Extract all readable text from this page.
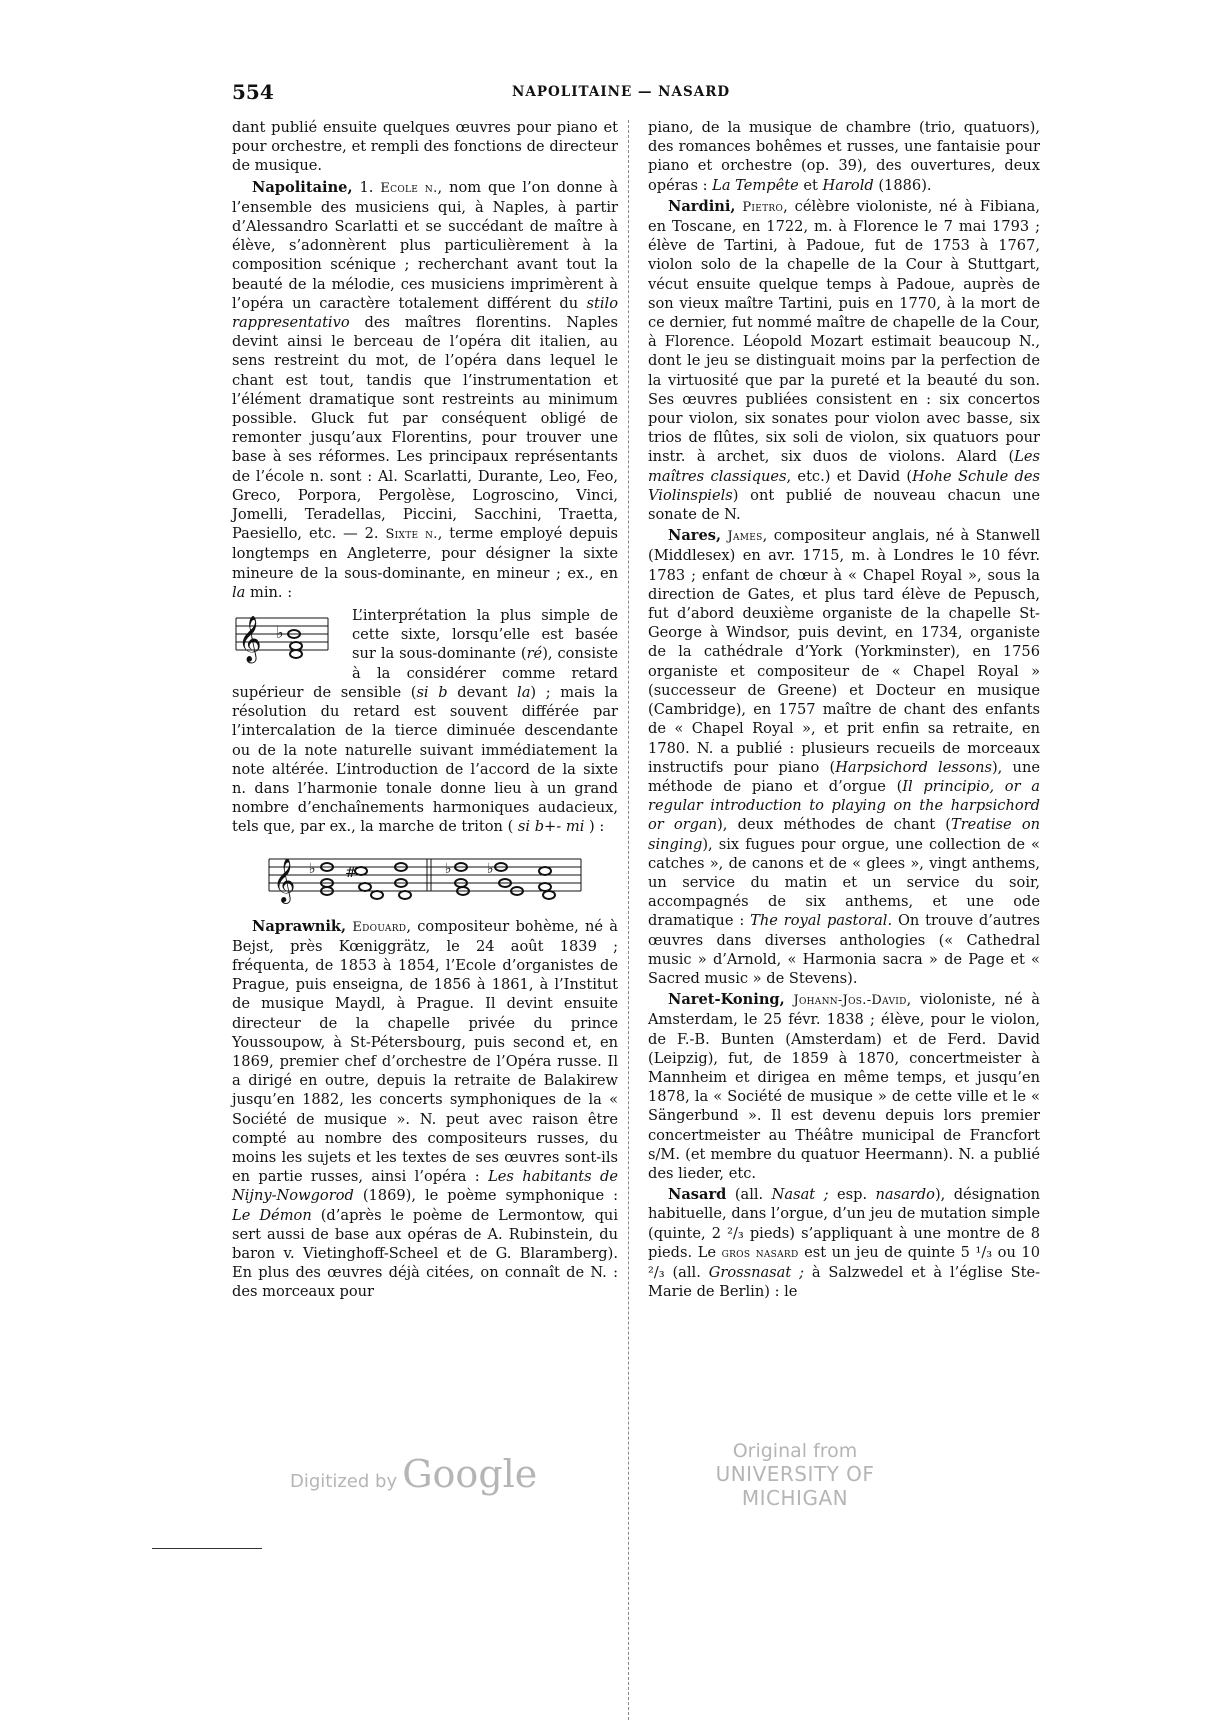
554	NAPOLITAINE — NASARD

dant publié ensuite quelques œuvres pour piano et pour orchestre, et rempli des fonctions de directeur de musique.

Napolitaine, 1. Ecole n., nom que l’on donne à l’ensemble des musiciens qui, à Naples, à partir d’Alessandro Scarlatti et se succédant de maître à élève, s’adonnèrent plus particulièrement à la composition scénique ; recherchant avant tout la beauté de la mélodie, ces musiciens imprimèrent à l’opéra un caractère totalement différent du stilo rappresentativo des maîtres florentins. Naples devint ainsi le berceau de l’opéra dit italien, au sens restreint du mot, de l’opéra dans lequel le chant est tout, tandis que l’instrumentation et l’élément dramatique sont restreints au minimum possible. Gluck fut par conséquent obligé de remonter jusqu’aux Florentins, pour trouver une base à ses réformes. Les principaux représentants de l’école n. sont : Al. Scarlatti, Durante, Leo, Feo, Greco, Porpora, Pergolèse, Logroscino, Vinci, Jomelli, Teradellas, Piccini, Sacchini, Traetta, Paesiello, etc. — 2. Sixte n., terme employé depuis longtemps en Angleterre, pour désigner la sixte mineure de la sous-dominante, en mineur ; ex., en la min. :

𝄞 ♭
L’interprétation la plus simple de cette sixte, lorsqu’elle est basée sur la sous-dominante (ré), consiste à la considérer comme retard supérieur de sensible (si b devant la) ; mais la résolution du retard est souvent différée par l’intercalation de la tierce diminuée descendante ou de la note naturelle suivant immédiatement la note altérée. L’introduction de l’accord de la sixte n. dans l’harmonie tonale donne lieu à un grand nombre d’enchaînements harmoniques audacieux, tels que, par ex., la marche de triton ( si b+- mi ) :

𝄞 ♭ #	♭	♭

Naprawnik, Edouard, compositeur bohème, né à Bejst, près Kœniggrätz, le 24 août 1839 ; fréquenta, de 1853 à 1854, l’Ecole d’organistes de Prague, puis enseigna, de 1856 à 1861, à l’Institut de musique Maydl, à Prague. Il devint ensuite directeur de la chapelle privée du prince Youssoupow, à St-Pétersbourg, puis second et, en 1869, premier chef d’orchestre de l’Opéra russe. Il a dirigé en outre, depuis la retraite de Balakirew jusqu’en 1882, les concerts symphoniques de la « Société de musique ». N. peut avec raison être compté au nombre des compositeurs russes, du moins les sujets et les textes de ses œuvres sont-ils en partie russes, ainsi l’opéra : Les habitants de Nijny-Nowgorod (1869), le poème symphonique : Le Démon (d’après le poème de Lermontow, qui sert aussi de base aux opéras de A. Rubinstein, du baron v. Vietinghoff-Scheel et de G. Blaramberg). En plus des œuvres déjà citées, on connaît de N. : des morceaux pour

piano, de la musique de chambre (trio, quatuors), des romances bohêmes et russes, une fantaisie pour piano et orchestre (op. 39), des ouvertures, deux opéras : La Tempête et Harold (1886).

Nardini, Pietro, célèbre violoniste, né à Fibiana, en Toscane, en 1722, m. à Florence le 7 mai 1793 ; élève de Tartini, à Padoue, fut de 1753 à 1767, violon solo de la chapelle de la Cour à Stuttgart, vécut ensuite quelque temps à Padoue, auprès de son vieux maître Tartini, puis en 1770, à la mort de ce dernier, fut nommé maître de chapelle de la Cour, à Florence. Léopold Mozart estimait beaucoup N., dont le jeu se distinguait moins par la perfection de la virtuosité que par la pureté et la beauté du son. Ses œuvres publiées consistent en : six concertos pour violon, six sonates pour violon avec basse, six trios de flûtes, six soli de violon, six quatuors pour instr. à archet, six duos de violons. Alard (Les maîtres classiques, etc.) et David (Hohe Schule des Violinspiels) ont publié de nouveau chacun une sonate de N.

Nares, James, compositeur anglais, né à Stanwell (Middlesex) en avr. 1715, m. à Londres le 10 févr. 1783 ; enfant de chœur à « Chapel Royal », sous la direction de Gates, et plus tard élève de Pepusch, fut d’abord deuxième organiste de la chapelle St-George à Windsor, puis devint, en 1734, organiste de la cathédrale d’York (Yorkminster), en 1756 organiste et compositeur de « Chapel Royal » (successeur de Greene) et Docteur en musique (Cambridge), en 1757 maître de chant des enfants de « Chapel Royal », et prit enfin sa retraite, en 1780. N. a publié : plusieurs recueils de morceaux instructifs pour piano (Harpsichord lessons), une méthode de piano et d’orgue (Il principio, or a regular introduction to playing on the harpsichord or organ), deux méthodes de chant (Treatise on singing), six fugues pour orgue, une collection de « catches », de canons et de « glees », vingt anthems, un service du matin et un service du soir, accompagnés de six anthems, et une ode dramatique : The royal pastoral. On trouve d’autres œuvres dans diverses anthologies (« Cathedral music » d’Arnold, « Harmonia sacra » de Page et « Sacred music » de Stevens).

Naret-Koning, Johann-Jos.-David, violoniste, né à Amsterdam, le 25 févr. 1838 ; élève, pour le violon, de F.-B. Bunten (Amsterdam) et de Ferd. David (Leipzig), fut, de 1859 à 1870, concertmeister à Mannheim et dirigea en même temps, et jusqu’en 1878, la « Société de musique » de cette ville et le « Sängerbund ». Il est devenu depuis lors premier concertmeister au Théâtre municipal de Francfort s/M. (et membre du quatuor Heermann). N. a publié des lieder, etc.

Nasard (all. Nasat ; esp. nasardo), désignation habituelle, dans l’orgue, d’un jeu de mutation simple (quinte, 2 ²/₃ pieds) s’appliquant à une montre de 8 pieds. Le gros nasard est un jeu de quinte 5 ¹/₃ ou 10 ²/₃ (all. Grossnasat ; à Salzwedel et à l’église Ste-Marie de Berlin) : le

Digitized by Google
Original from
UNIVERSITY OF MICHIGAN
